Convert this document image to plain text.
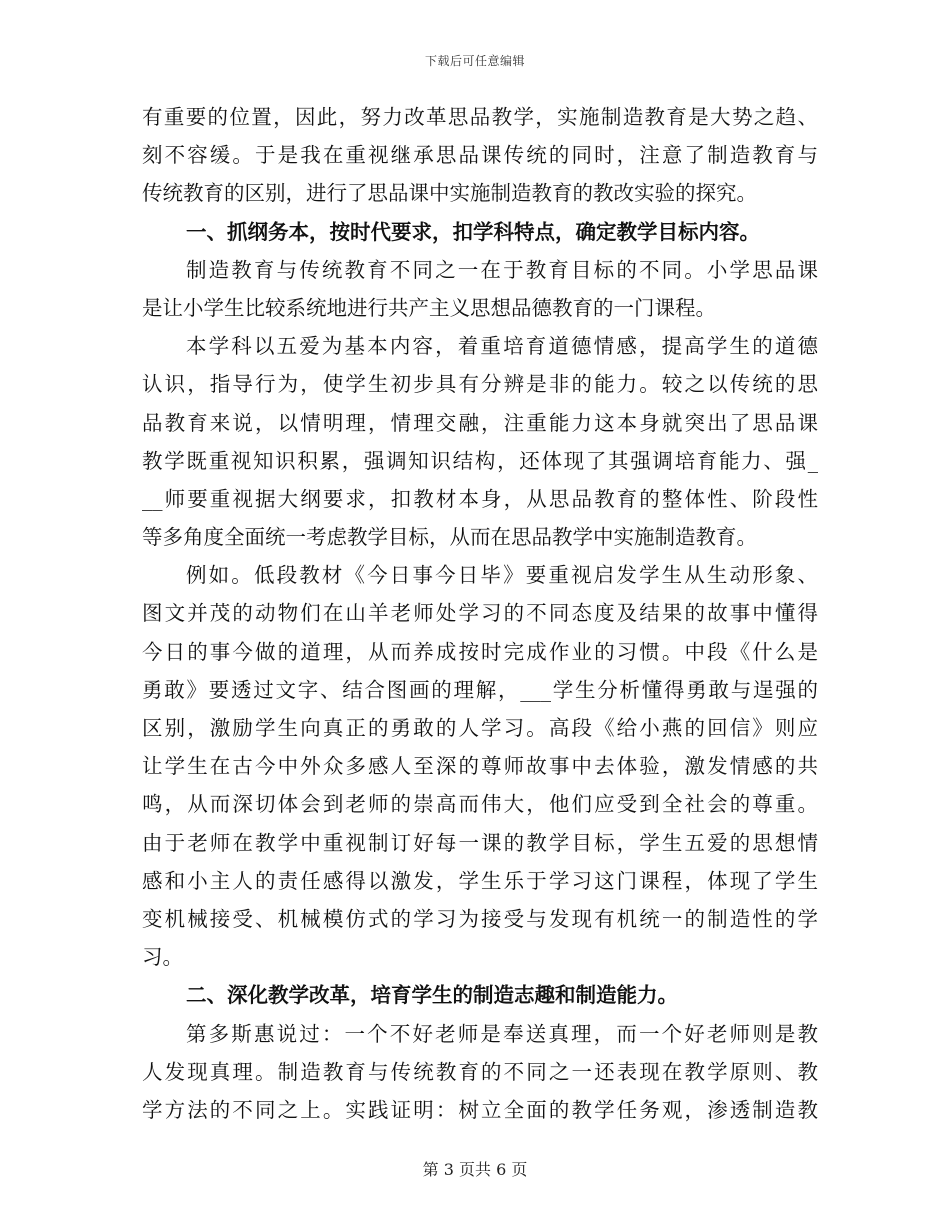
下载后可任意编辑
有重要的位置，因此，努力改革思品教学，实施制造教育是大势之趋、
刻不容缓。于是我在重视继承思品课传统的同时，注意了制造教育与
传统教育的区别，进行了思品课中实施制造教育的教改实验的探究。
一、抓纲务本，按时代要求，扣学科特点，确定教学目标内容。
制造教育与传统教育不同之一在于教育目标的不同。小学思品课
是让小学生比较系统地进行共产主义思想品德教育的一门课程。
本学科以五爱为基本内容，着重培育道德情感，提高学生的道德
认识，指导行为，使学生初步具有分辨是非的能力。较之以传统的思
品教育来说，以情明理，情理交融，注重能力这本身就突出了思品课
教学既重视知识积累，强调知识结构，还体现了其强调培育能力、强_
__师要重视据大纲要求，扣教材本身，从思品教育的整体性、阶段性
等多角度全面统一考虑教学目标，从而在思品教学中实施制造教育。
例如。低段教材《今日事今日毕》要重视启发学生从生动形象、
图文并茂的动物们在山羊老师处学习的不同态度及结果的故事中懂得
今日的事今做的道理，从而养成按时完成作业的习惯。中段《什么是
勇敢》要透过文字、结合图画的理解，___学生分析懂得勇敢与逞强的
区别，激励学生向真正的勇敢的人学习。高段《给小燕的回信》则应
让学生在古今中外众多感人至深的尊师故事中去体验，激发情感的共
鸣，从而深切体会到老师的崇高而伟大，他们应受到全社会的尊重。
由于老师在教学中重视制订好每一课的教学目标，学生五爱的思想情
感和小主人的责任感得以激发，学生乐于学习这门课程，体现了学生
变机械接受、机械模仿式的学习为接受与发现有机统一的制造性的学
习。
二、深化教学改革，培育学生的制造志趣和制造能力。
第多斯惠说过：一个不好老师是奉送真理，而一个好老师则是教
人发现真理。制造教育与传统教育的不同之一还表现在教学原则、教
学方法的不同之上。实践证明：树立全面的教学任务观，渗透制造教
第 3 页共 6 页
